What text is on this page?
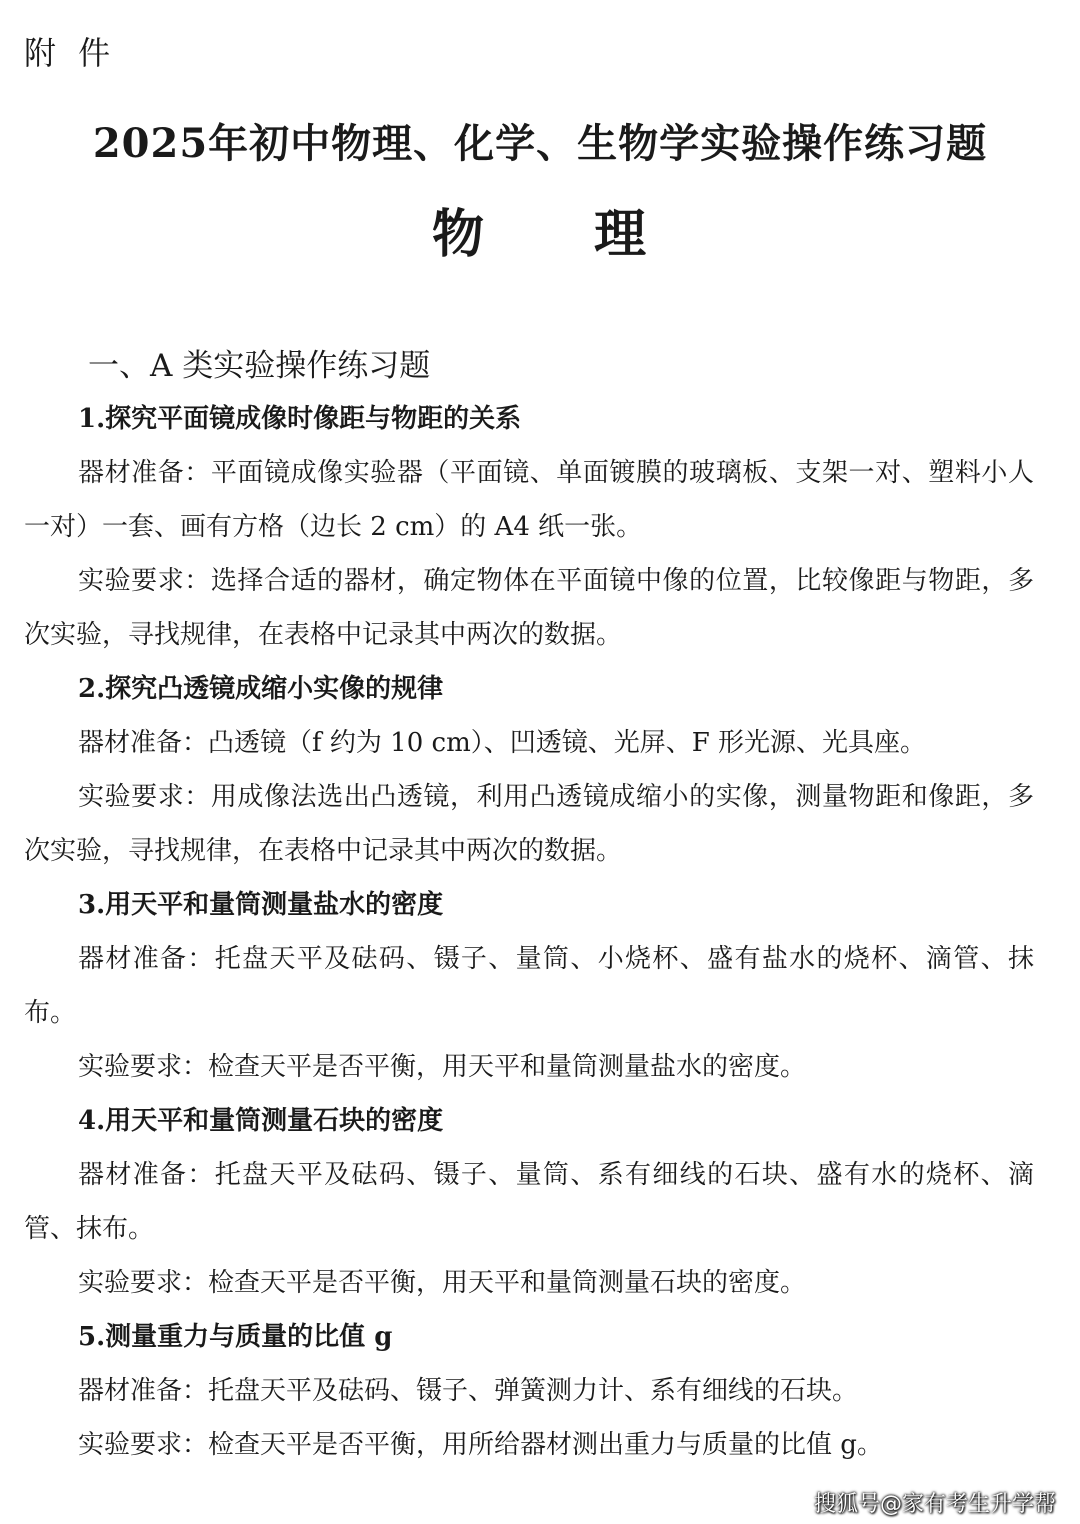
附 件
2025年初中物理、化学、生物学实验操作练习题
物　　理
一、A 类实验操作练习题
1.探究平面镜成像时像距与物距的关系

器材准备：平面镜成像实验器（平面镜、单面镀膜的玻璃板、支架一对、塑料小人一对）一套、画有方格（边长 2 cm）的 A4 纸一张。

实验要求：选择合适的器材，确定物体在平面镜中像的位置，比较像距与物距，多次实验，寻找规律，在表格中记录其中两次的数据。

2.探究凸透镜成缩小实像的规律

器材准备：凸透镜（f 约为 10 cm）、凹透镜、光屏、F 形光源、光具座。

实验要求：用成像法选出凸透镜，利用凸透镜成缩小的实像，测量物距和像距，多次实验，寻找规律，在表格中记录其中两次的数据。

3.用天平和量筒测量盐水的密度

器材准备：托盘天平及砝码、镊子、量筒、小烧杯、盛有盐水的烧杯、滴管、抹布。

实验要求：检查天平是否平衡，用天平和量筒测量盐水的密度。

4.用天平和量筒测量石块的密度

器材准备：托盘天平及砝码、镊子、量筒、系有细线的石块、盛有水的烧杯、滴管、抹布。

实验要求：检查天平是否平衡，用天平和量筒测量石块的密度。

5.测量重力与质量的比值 g

器材准备：托盘天平及砝码、镊子、弹簧测力计、系有细线的石块。

实验要求：检查天平是否平衡，用所给器材测出重力与质量的比值 g。

搜狐号@家有考生升学帮
